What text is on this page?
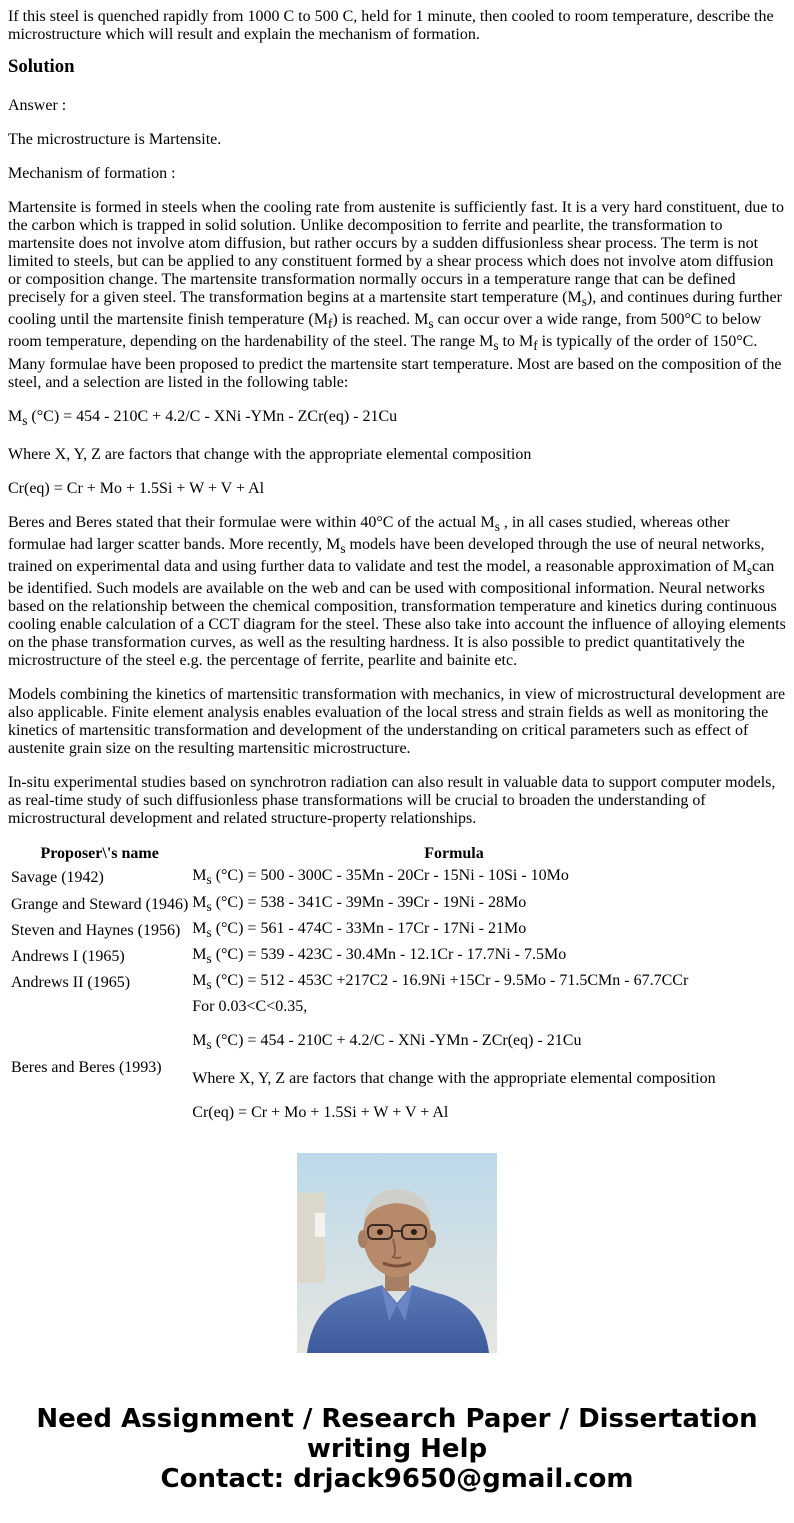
If this steel is quenched rapidly from 1000 C to 500 C, held for 1 minute, then cooled to room temperature, describe the microstructure which will result and explain the mechanism of formation.

Solution

Answer :

The microstructure is Martensite.

Mechanism of formation :

Martensite is formed in steels when the cooling rate from austenite is sufficiently fast. It is a very hard constituent, due to the carbon which is trapped in solid solution. Unlike decomposition to ferrite and pearlite, the transformation to martensite does not involve atom diffusion, but rather occurs by a sudden diffusionless shear process. The term is not limited to steels, but can be applied to any constituent formed by a shear process which does not involve atom diffusion or composition change. The martensite transformation normally occurs in a temperature range that can be defined precisely for a given steel. The transformation begins at a martensite start temperature $(M_s)$, and continues during further cooling until the martensite finish temperature $(M_f)$ is reached. $M_s$ can occur over a wide range, from 500°C to below room temperature, depending on the hardenability of the steel. The range $M_s$ to $M_f$ is typically of the order of 150°C. Many formulae have been proposed to predict the martensite start temperature. Most are based on the composition of the steel, and a selection are listed in the following table:

$M_s$ (°C) = 454 - 210C + 4.2/C - XNi -YMn - ZCr(eq) - 21Cu

Where X, Y, Z are factors that change with the appropriate elemental composition

Cr(eq) = Cr + Mo + 1.5Si + W + V + Al

Beres and Beres stated that their formulae were within 40°C of the actual $M_s$ , in all cases studied, whereas other formulae had larger scatter bands. More recently, $M_s$ models have been developed through the use of neural networks, trained on experimental data and using further data to validate and test the model, a reasonable approximation of $M_scan$ be identified. Such models are available on the web and can be used with compositional information. Neural networks based on the relationship between the chemical composition, transformation temperature and kinetics during continuous cooling enable calculation of a CCT diagram for the steel. These also take into account the influence of alloying elements on the phase transformation curves, as well as the resulting hardness. It is also possible to predict quantitatively the microstructure of the steel e.g. the percentage of ferrite, pearlite and bainite etc.

Models combining the kinetics of martensitic transformation with mechanics, in view of microstructural development are also applicable. Finite element analysis enables evaluation of the local stress and strain fields as well as monitoring the kinetics of martensitic transformation and development of the understanding on critical parameters such as effect of austenite grain size on the resulting martensitic microstructure.

In-situ experimental studies based on synchrotron radiation can also result in valuable data to support computer models, as real-time study of such diffusionless phase transformations will be crucial to broaden the understanding of microstructural development and related structure-property relationships.

Proposer\'s name	Formula
Savage (1942)	$M_s$ (°C) = 500 - 300C - 35Mn - 20Cr - 15Ni - 10Si - 10Mo
Grange and Steward (1946)	$M_s$ (°C) = 538 - 341C - 39Mn - 39Cr - 19Ni - 28Mo
Steven and Haynes (1956)	$M_s$ (°C) = 561 - 474C - 33Mn - 17Cr - 17Ni - 21Mo
Andrews I (1965)	$M_s$ (°C) = 539 - 423C - 30.4Mn - 12.1Cr - 17.7Ni - 7.5Mo
Andrews II (1965)	$M_s$ (°C) = 512 - 453C +217C2 - 16.9Ni +15Cr - 9.5Mo - 71.5CMn - 67.7CCr
Beres and Beres (1993)	For 0.03<C<0.35,

$M_s$ (°C) = 454 - 210C + 4.2/C - XNi -YMn - ZCr(eq) - 21Cu

Where X, Y, Z are factors that change with the appropriate elemental composition

Cr(eq) = Cr + Mo + 1.5Si + W + V + Al

Need Assignment / Research Paper / Dissertation writing Help
Contact: drjack9650@gmail.com
